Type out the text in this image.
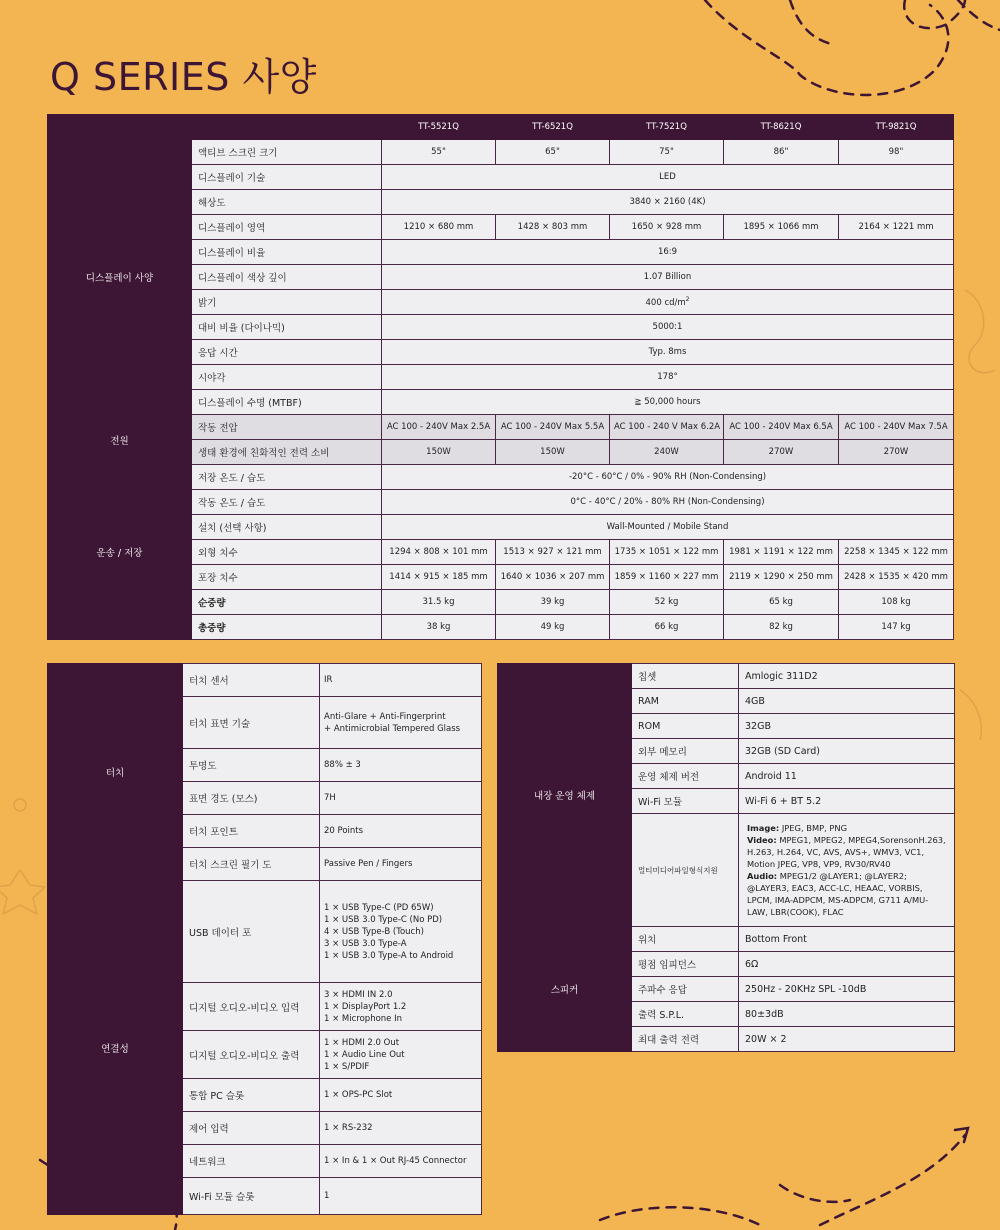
Q SERIES 사양
		TT-5521Q	TT-6521Q	TT-7521Q	TT-8621Q	TT-9821Q
디스플레이 사양	액티브 스크린 크기	55"	65"	75"	86"	98"
	디스플레이 기술	LED				
	해상도	3840 × 2160 (4K)				
	디스플레이 영역	1210 × 680 mm	1428 × 803 mm	1650 × 928 mm	1895 × 1066 mm	2164 × 1221 mm
	디스플레이 비율	16:9				
	디스플레이 색상 깊이	1.07 Billion				
	밝기	400 $cd/m^2$
	대비 비율 (다이나믹)	5000:1				
	응답 시간	Typ. 8ms				
	시야각	178°				
	디스플레이 수명 (MTBF)	≧ 50,000 hours				
전원	작동 전압	AC 100 - 240V Max 2.5A	AC 100 - 240V Max 5.5A	AC 100 - 240 V Max 6.2A	AC 100 - 240V Max 6.5A	AC 100 - 240V Max 7.5A
	생태 환경에 친화적인 전력 소비	150W	150W	240W	270W	270W
운송 / 저장	저장 온도 / 습도	-20°C - 60°C / 0% - 90% RH (Non-Condensing)				
	작동 온도 / 습도	0°C - 40°C / 20% - 80% RH (Non-Condensing)				
	설치 (선택 사항)	Wall-Mounted / Mobile Stand				
	외형 치수	1294 × 808 × 101 mm	1513 × 927 × 121 mm	1735 × 1051 × 122 mm	1981 × 1191 × 122 mm	2258 × 1345 × 122 mm
	포장 치수	1414 × 915 × 185 mm	1640 × 1036 × 207 mm	1859 × 1160 × 227 mm	2119 × 1290 × 250 mm	2428 × 1535 × 420 mm
	순중량	31.5 kg	39 kg	52 kg	65 kg	108 kg
	총중량	38 kg	49 kg	66 kg	82 kg	147 kg
터치	터치 센서	IR

	터치 표면 기술	Anti-Glare + Anti-Fingerprint
+ Antimicrobial Tempered Glass

	투명도	88% ± 3

	표면 경도 (모스)	7H

	터치 포인트	20 Points

	터치 스크린 필기 도	Passive Pen / Fingers

연결성	USB 데이터 포	1 × USB Type-C (PD 65W)
1 × USB 3.0 Type-C (No PD)
4 × USB Type-B (Touch)
3 × USB 3.0 Type-A
1 × USB 3.0 Type-A to Android

	디지털 오디오-비디오 입력	3 × HDMI IN 2.0
1 × DisplayPort 1.2
1 × Microphone In

	디지털 오디오-비디오 출력	1 × HDMI 2.0 Out
1 × Audio Line Out
1 × S/PDIF

	통합 PC 슬롯	1 × OPS-PC Slot

	제어 입력	1 × RS-232

	네트워크	1 × In & 1 × Out RJ-45 Connector

	Wi-Fi 모듈 슬롯	1
내장 운영 체제	칩셋	Amlogic 311D2
	RAM	4GB
	ROM	32GB
	외부 메모리	32GB (SD Card)
	운영 체제 버전	Android 11
	Wi-Fi 모듈	Wi-Fi 6 + BT 5.2
	멀티미디어파일형식지원	Image: JPEG, BMP, PNG
Video: MPEG1, MPEG2, MPEG4,SorensonH.263, H.263, H.264, VC, AVS, AVS+, WMV3, VC1, Motion JPEG, VP8, VP9, RV30/RV40
Audio: MPEG1/2 @LAYER1; @LAYER2; @LAYER3, EAC3, ACC-LC, HEAAC, VORBIS, LPCM, IMA-ADPCM, MS-ADPCM, G711 A/MU-LAW, LBR(COOK), FLAC

스피커	위치	Bottom Front
	평점 임피던스	6Ω
	주파수 응답	250Hz - 20KHz SPL -10dB
	출력 S.P.L.	80±3dB
	최대 출력 전력	20W × 2
